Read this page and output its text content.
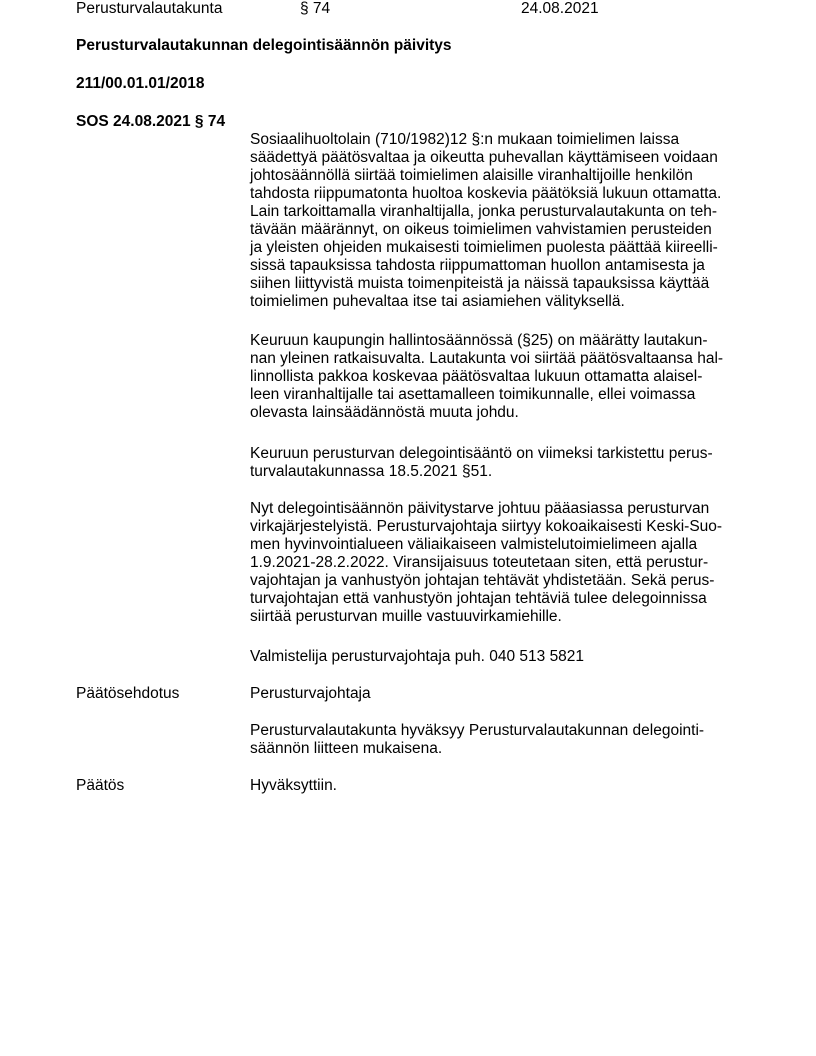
Perusturvalautakunta	§ 74	24.08.2021
Perusturvalautakunnan delegointisäännön päivitys
211/00.01.01/2018
SOS 24.08.2021 § 74
Sosiaalihuoltolain (710/1982)12 §:n mukaan toimielimen laissa
säädettyä päätösvaltaa ja oikeutta puhevallan käyttämiseen voidaan
johtosäännöllä siirtää toimielimen alaisille viranhaltijoille henkilön
tahdosta riippumatonta huoltoa koskevia päätöksiä lukuun ottamatta.
Lain tarkoittamalla viranhaltijalla, jonka perusturvalautakunta on teh-
tävään määrännyt, on oikeus toimielimen vahvistamien perusteiden
ja yleisten ohjeiden mukaisesti toimielimen puolesta päättää kiireelli-
sissä tapauksissa tahdosta riippumattoman huollon antamisesta ja
siihen liittyvistä muista toimenpiteistä ja näissä tapauksissa käyttää
toimielimen puhevaltaa itse tai asiamiehen välityksellä.
Keuruun kaupungin hallintosäännössä (§25) on määrätty lautakun-
nan yleinen ratkaisuvalta. Lautakunta voi siirtää päätösvaltaansa hal-
linnollista pakkoa koskevaa päätösvaltaa lukuun ottamatta alaisel-
leen viranhaltijalle tai asettamalleen toimikunnalle, ellei voimassa
olevasta lainsäädännöstä muuta johdu.
Keuruun perusturvan delegointisääntö on viimeksi tarkistettu perus-
turvalautakunnassa 18.5.2021 §51.
Nyt delegointisäännön päivitystarve johtuu pääasiassa perusturvan
virkajärjestelyistä. Perusturvajohtaja siirtyy kokoaikaisesti Keski-Suo-
men hyvinvointialueen väliaikaiseen valmistelutoimielimeen ajalla
1.9.2021-28.2.2022. Viransijaisuus toteutetaan siten, että perustur-
vajohtajan ja vanhustyön johtajan tehtävät yhdistetään. Sekä perus-
turvajohtajan että vanhustyön johtajan tehtäviä tulee delegoinnissa
siirtää perusturvan muille vastuuvirkamiehille.
Valmistelija perusturvajohtaja puh. 040 513 5821
Päätösehdotus	Perusturvajohtaja
Perusturvalautakunta hyväksyy Perusturvalautakunnan delegointi-
säännön liitteen mukaisena.
Päätös	Hyväksyttiin.
